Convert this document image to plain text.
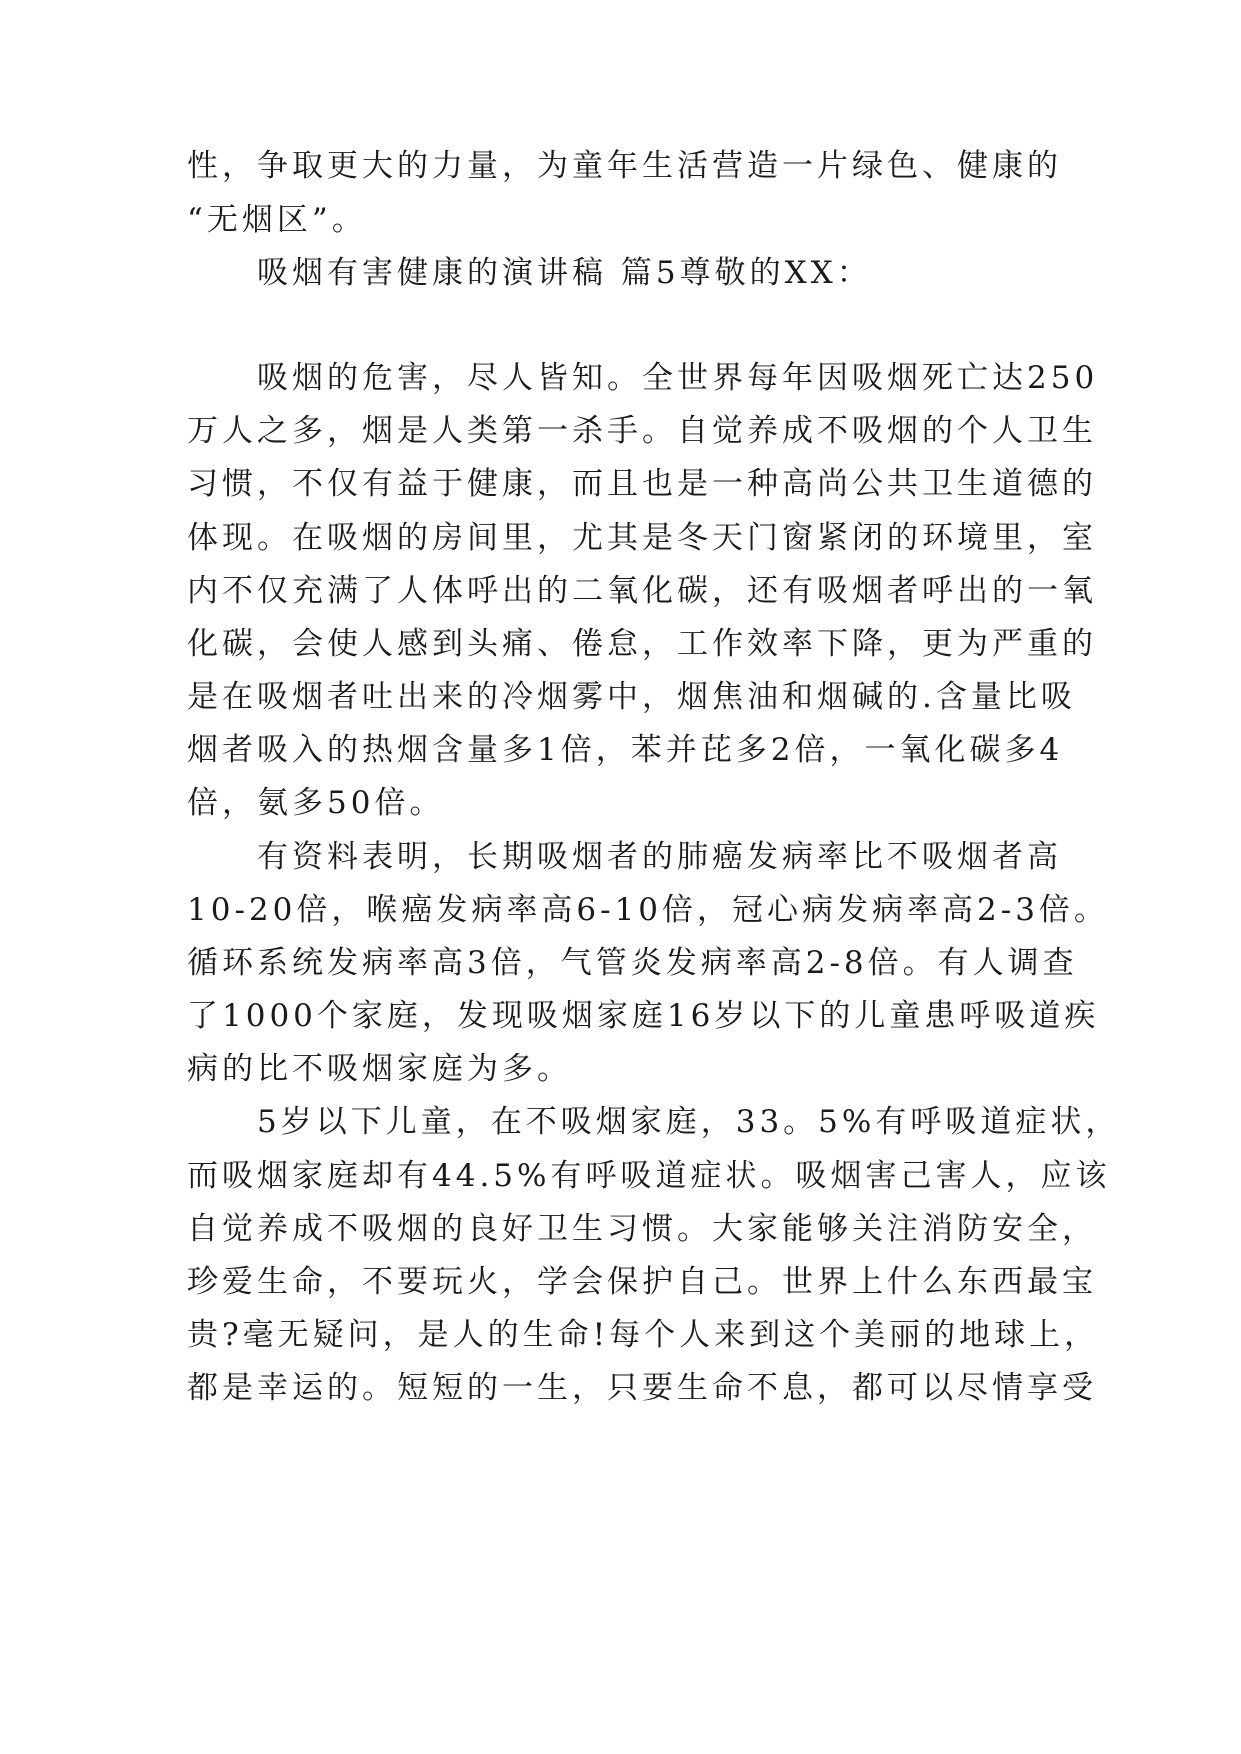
性，争取更大的力量，为童年生活营造一片绿色、健康的
“无烟区”。
吸烟有害健康的演讲稿 篇5尊敬的XX：
吸烟的危害，尽人皆知。全世界每年因吸烟死亡达250
万人之多，烟是人类第一杀手。自觉养成不吸烟的个人卫生
习惯，不仅有益于健康，而且也是一种高尚公共卫生道德的
体现。在吸烟的房间里，尤其是冬天门窗紧闭的环境里，室
内不仅充满了人体呼出的二氧化碳，还有吸烟者呼出的一氧
化碳，会使人感到头痛、倦怠，工作效率下降，更为严重的
是在吸烟者吐出来的冷烟雾中，烟焦油和烟碱的.含量比吸
烟者吸入的热烟含量多1倍，苯并芘多2倍，一氧化碳多4
倍，氨多50倍。
有资料表明，长期吸烟者的肺癌发病率比不吸烟者高
10-20倍，喉癌发病率高6-10倍，冠心病发病率高2-3倍。
循环系统发病率高3倍，气管炎发病率高2-8倍。有人调查
了1000个家庭，发现吸烟家庭16岁以下的儿童患呼吸道疾
病的比不吸烟家庭为多。
5岁以下儿童，在不吸烟家庭，33。5%有呼吸道症状，
而吸烟家庭却有44.5%有呼吸道症状。吸烟害己害人，应该
自觉养成不吸烟的良好卫生习惯。大家能够关注消防安全，
珍爱生命，不要玩火，学会保护自己。世界上什么东西最宝
贵?毫无疑问，是人的生命!每个人来到这个美丽的地球上，
都是幸运的。短短的一生，只要生命不息，都可以尽情享受
